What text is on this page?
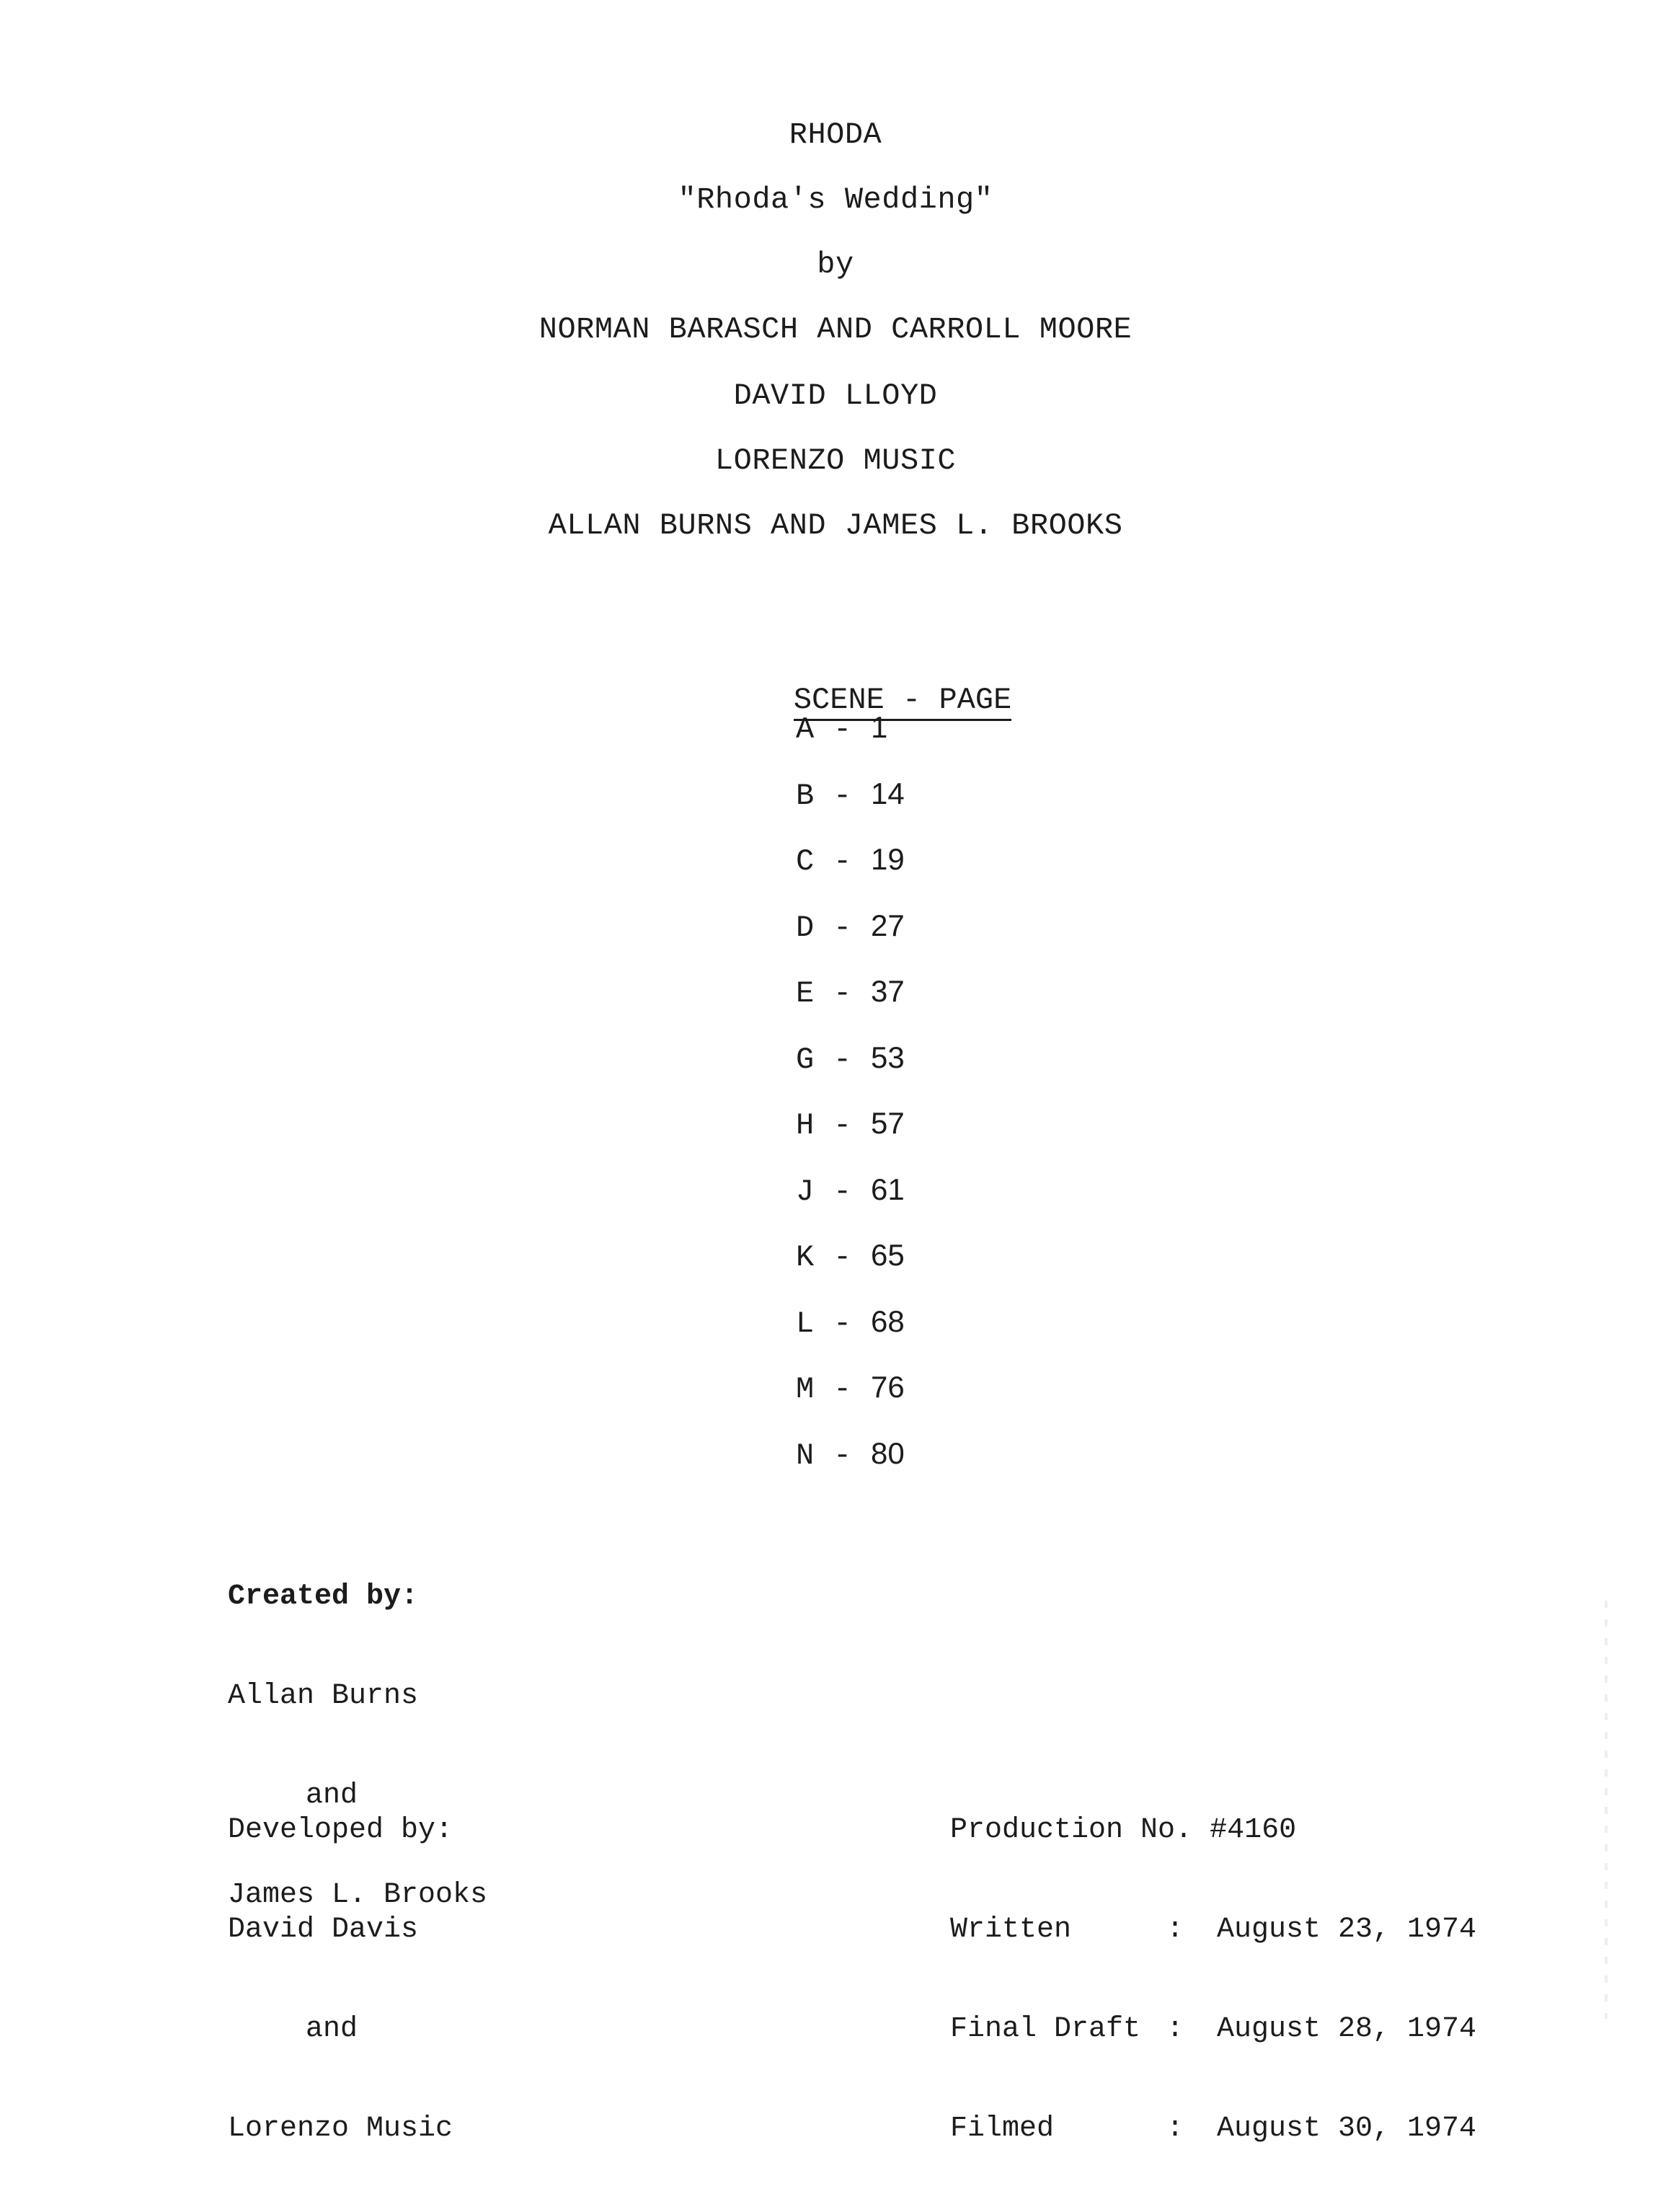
RHODA
"Rhoda's Wedding"
by
NORMAN BARASCH AND CARROLL MOORE
DAVID LLOYD
LORENZO MUSIC
ALLAN BURNS AND JAMES L. BROOKS

SCENE - PAGE

A - 1
B - 14
C - 19
D - 27
E - 37
G - 53
H - 57
J - 61
K - 65
L - 68
M - 76
N - 80

Created by:

Allan Burns

and

James L. Brooks

Developed by:

David Davis

and

Lorenzo Music

Production No. #4160

Written	: August 23, 1974

Final Draft : August 28, 1974

Filmed	: August 30, 1974
